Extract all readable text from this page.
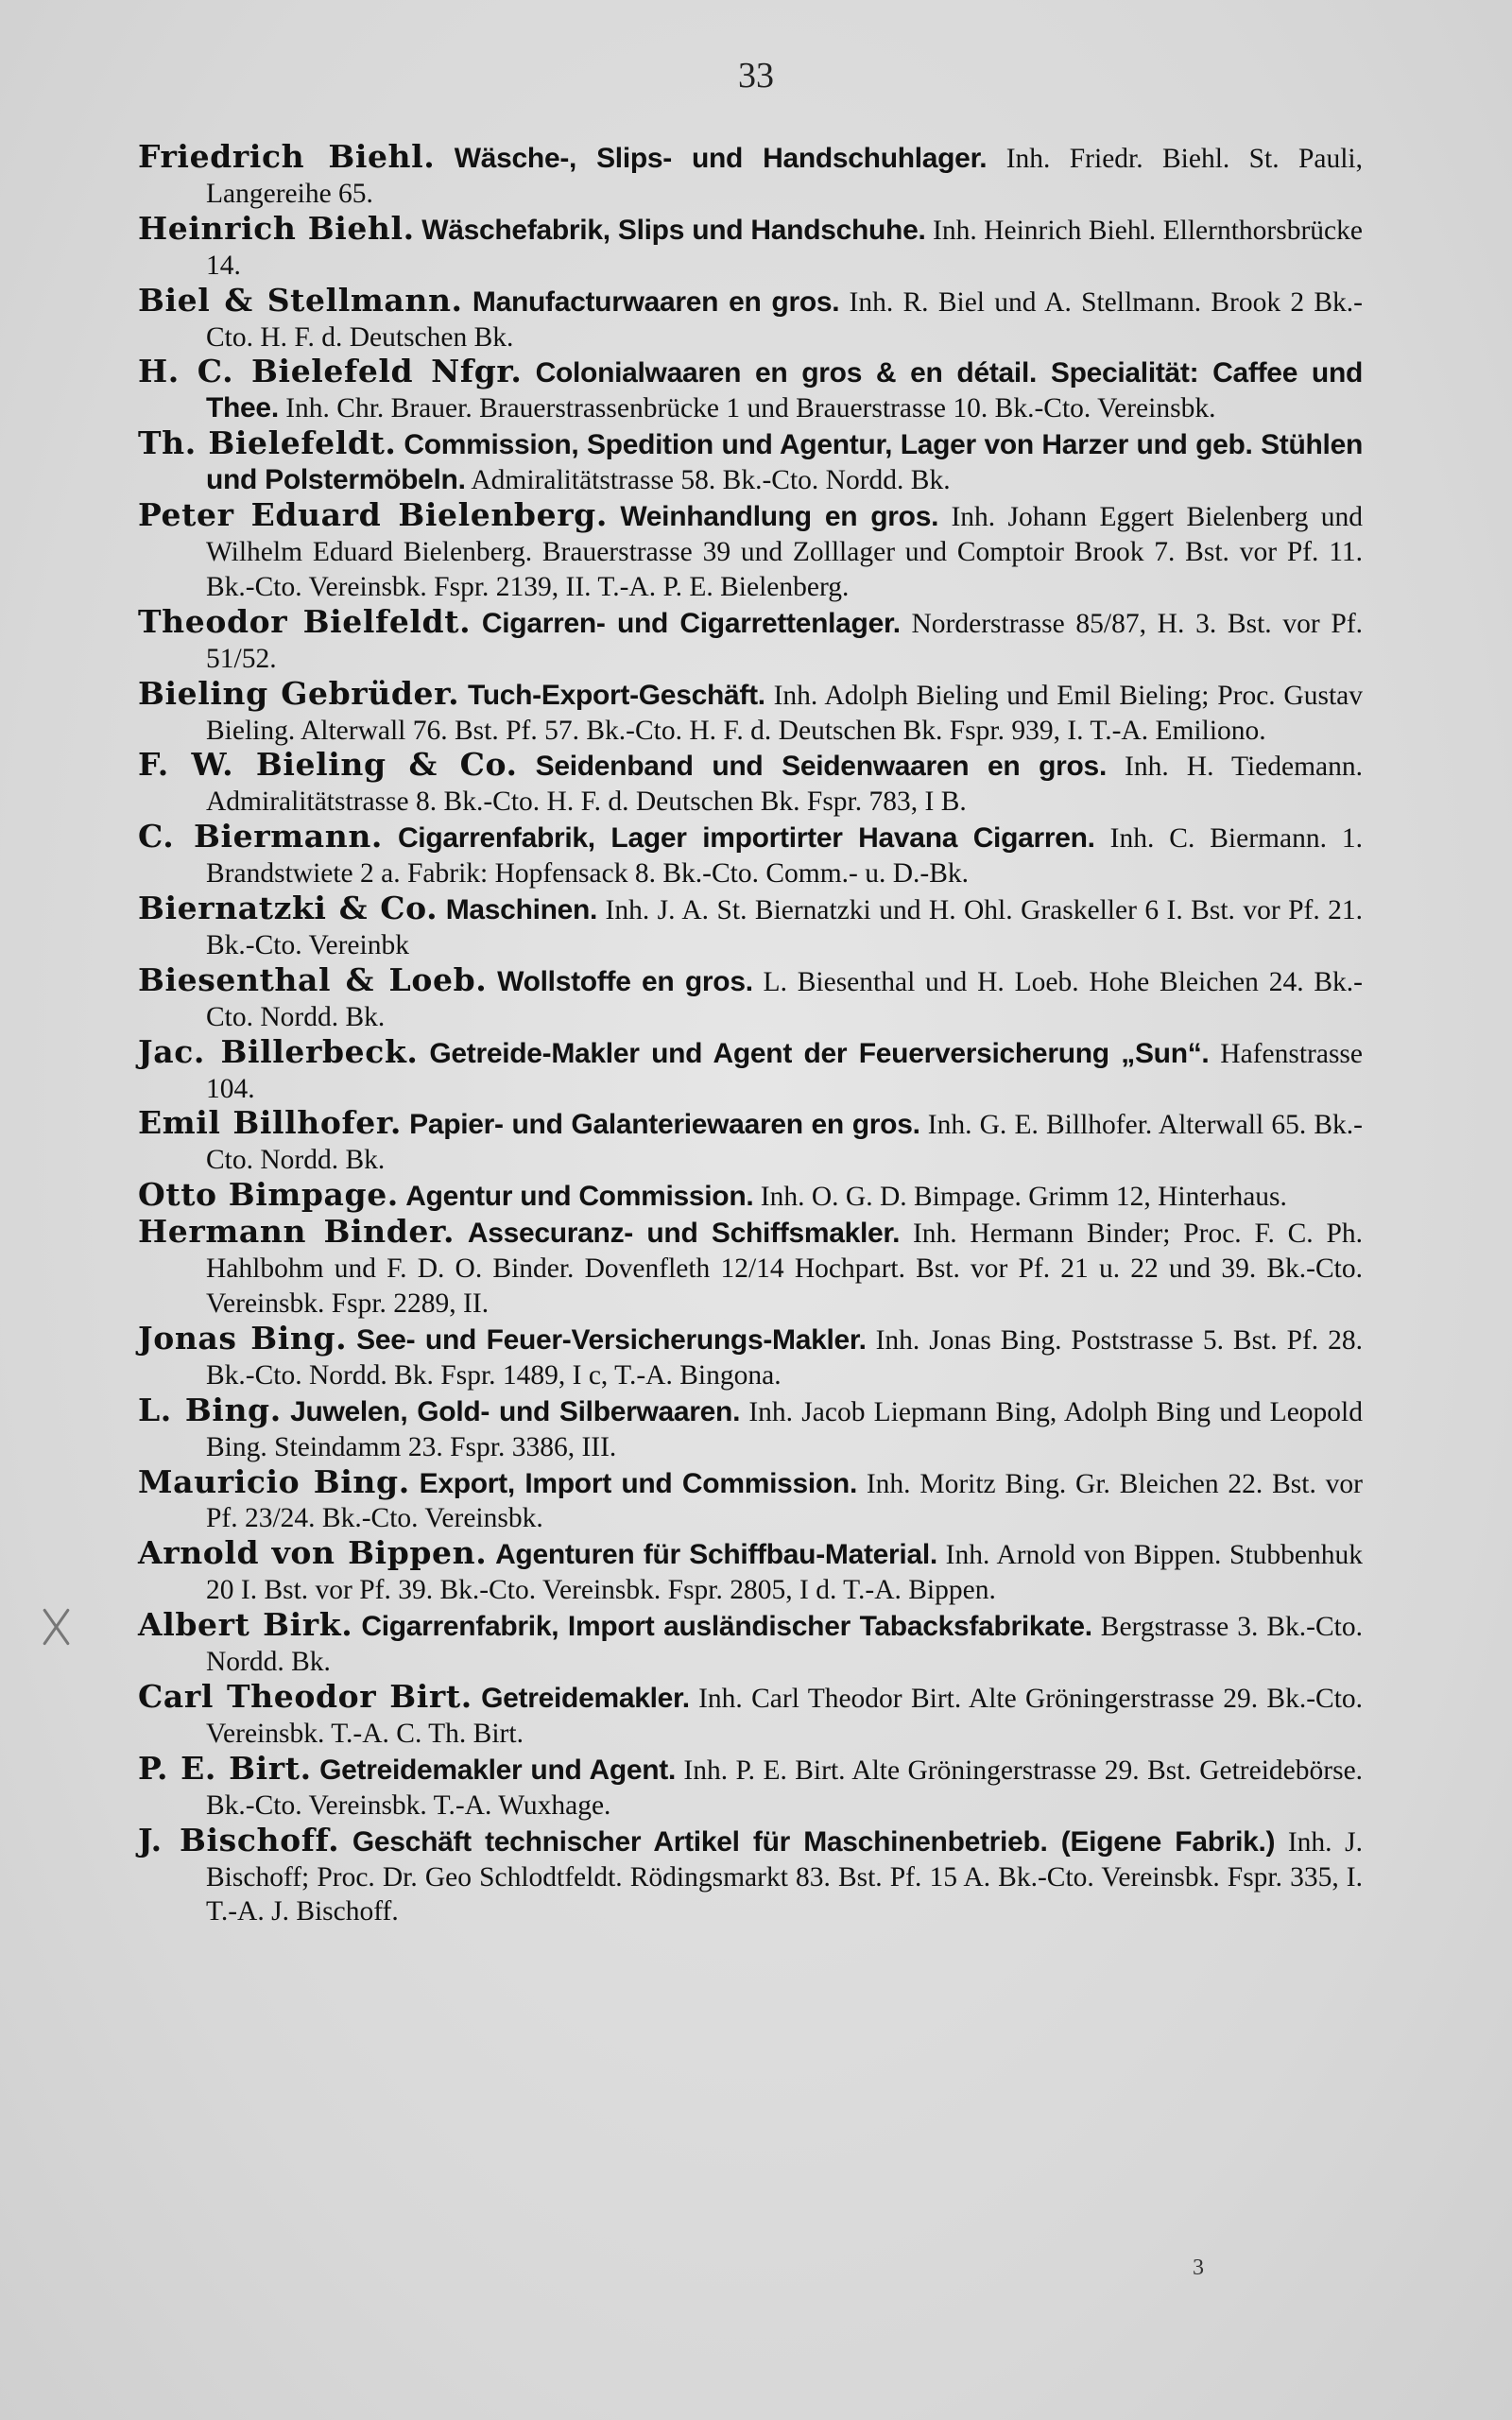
33
Friedrich Biehl. Wäsche-, Slips- und Handschuhlager. Inh. Friedr. Biehl. St. Pauli, Langereihe 65.
Heinrich Biehl. Wäschefabrik, Slips und Handschuhe. Inh. Heinrich Biehl. Ellernthorsbrücke 14.
Biel & Stellmann. Manufacturwaaren en gros. Inh. R. Biel und A. Stellmann. Brook 2 Bk.-Cto. H. F. d. Deutschen Bk.
H. C. Bielefeld Nfgr. Colonialwaaren en gros & en détail. Specialität: Caffee und Thee. Inh. Chr. Brauer. Brauerstrassenbrücke 1 und Brauerstrasse 10. Bk.-Cto. Vereinsbk.
Th. Bielefeldt. Commission, Spedition und Agentur, Lager von Harzer und geb. Stühlen und Polstermöbeln. Admiralitätstrasse 58. Bk.-Cto. Nordd. Bk.
Peter Eduard Bielenberg. Weinhandlung en gros. Inh. Johann Eggert Bielenberg und Wilhelm Eduard Bielenberg. Brauerstrasse 39 und Zolllager und Comptoir Brook 7. Bst. vor Pf. 11. Bk.-Cto. Vereinsbk. Fspr. 2139, II. T.-A. P. E. Bielenberg.
Theodor Bielfeldt. Cigarren- und Cigarrettenlager. Norderstrasse 85/87, H. 3. Bst. vor Pf. 51/52.
Bieling Gebrüder. Tuch-Export-Geschäft. Inh. Adolph Bieling und Emil Bieling; Proc. Gustav Bieling. Alterwall 76. Bst. Pf. 57. Bk.-Cto. H. F. d. Deutschen Bk. Fspr. 939, I. T.-A. Emiliono.
F. W. Bieling & Co. Seidenband und Seidenwaaren en gros. Inh. H. Tiedemann. Admiralitätstrasse 8. Bk.-Cto. H. F. d. Deutschen Bk. Fspr. 783, I B.
C. Biermann. Cigarrenfabrik, Lager importirter Havana Cigarren. Inh. C. Biermann. 1. Brandstwiete 2 a. Fabrik: Hopfensack 8. Bk.-Cto. Comm.- u. D.-Bk.
Biernatzki & Co. Maschinen. Inh. J. A. St. Biernatzki und H. Ohl. Graskeller 6 I. Bst. vor Pf. 21. Bk.-Cto. Vereinbk
Biesenthal & Loeb. Wollstoffe en gros. L. Biesenthal und H. Loeb. Hohe Bleichen 24. Bk.-Cto. Nordd. Bk.
Jac. Billerbeck. Getreide-Makler und Agent der Feuerversicherung „Sun“. Hafenstrasse 104.
Emil Billhofer. Papier- und Galanteriewaaren en gros. Inh. G. E. Billhofer. Alterwall 65. Bk.-Cto. Nordd. Bk.
Otto Bimpage. Agentur und Commission. Inh. O. G. D. Bimpage. Grimm 12, Hinterhaus.
Hermann Binder. Assecuranz- und Schiffsmakler. Inh. Hermann Binder; Proc. F. C. Ph. Hahlbohm und F. D. O. Binder. Dovenfleth 12/14 Hochpart. Bst. vor Pf. 21 u. 22 und 39. Bk.-Cto. Vereinsbk. Fspr. 2289, II.
Jonas Bing. See- und Feuer-Versicherungs-Makler. Inh. Jonas Bing. Poststrasse 5. Bst. Pf. 28. Bk.-Cto. Nordd. Bk. Fspr. 1489, I c, T.-A. Bingona.
L. Bing. Juwelen, Gold- und Silberwaaren. Inh. Jacob Liepmann Bing, Adolph Bing und Leopold Bing. Steindamm 23. Fspr. 3386, III.
Mauricio Bing. Export, Import und Commission. Inh. Moritz Bing. Gr. Bleichen 22. Bst. vor Pf. 23/24. Bk.-Cto. Vereinsbk.
Arnold von Bippen. Agenturen für Schiffbau-Material. Inh. Arnold von Bippen. Stubbenhuk 20 I. Bst. vor Pf. 39. Bk.-Cto. Vereinsbk. Fspr. 2805, I d. T.-A. Bippen.
Albert Birk. Cigarrenfabrik, Import ausländischer Tabacksfabrikate. Bergstrasse 3. Bk.-Cto. Nordd. Bk.
Carl Theodor Birt. Getreidemakler. Inh. Carl Theodor Birt. Alte Gröningerstrasse 29. Bk.-Cto. Vereinsbk. T.-A. C. Th. Birt.
P. E. Birt. Getreidemakler und Agent. Inh. P. E. Birt. Alte Gröningerstrasse 29. Bst. Getreidebörse. Bk.-Cto. Vereinsbk. T.-A. Wuxhage.
J. Bischoff. Geschäft technischer Artikel für Maschinenbetrieb. (Eigene Fabrik.) Inh. J. Bischoff; Proc. Dr. Geo Schlodtfeldt. Rödingsmarkt 83. Bst. Pf. 15 A. Bk.-Cto. Vereinsbk. Fspr. 335, I. T.-A. J. Bischoff.
3
